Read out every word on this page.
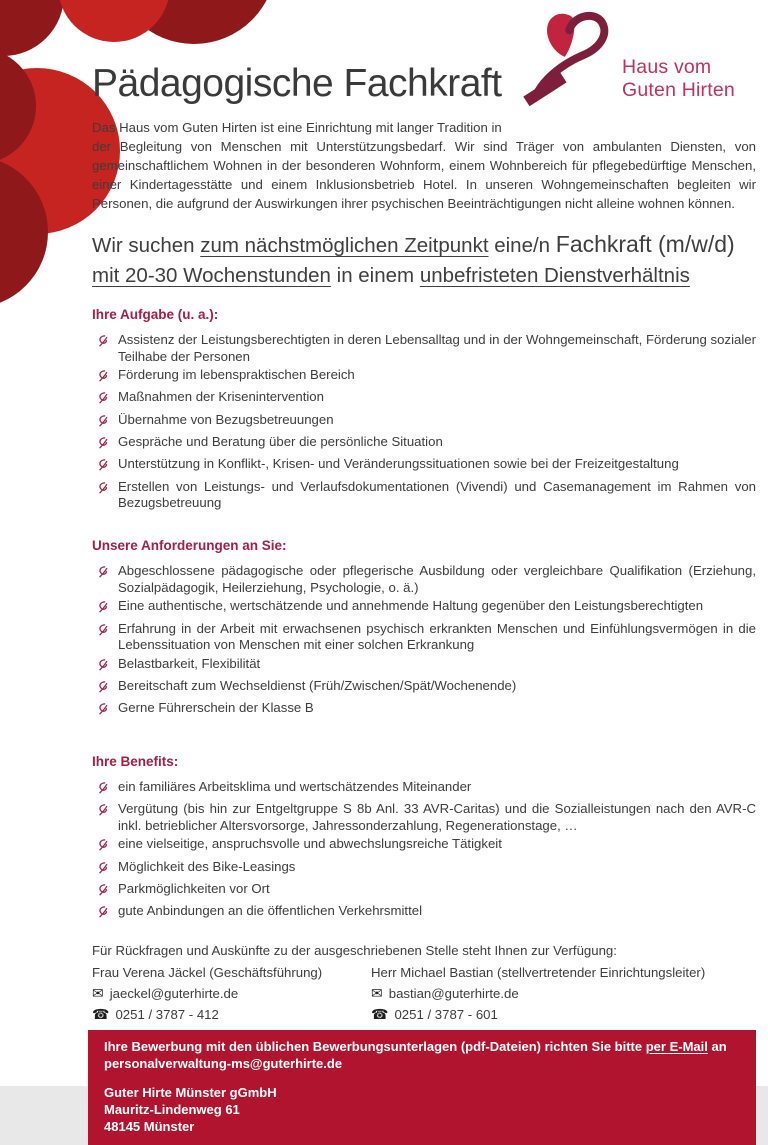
Haus vom
Guten Hirten
Pädagogische Fachkraft

Das Haus vom Guten Hirten ist eine Einrichtung mit langer Tradition in
der Begleitung von Menschen mit Unterstützungsbedarf. Wir sind Träger von ambulanten Diensten, von gemeinschaftlichem Wohnen in der besonderen Wohnform, einem Wohnbereich für pflegebedürftige Menschen, einer Kindertagesstätte und einem Inklusionsbetrieb Hotel. In unseren Wohngemeinschaften begleiten wir Personen, die aufgrund der Auswirkungen ihrer psychischen Beeinträchtigungen nicht alleine wohnen können.

Wir suchen zum nächstmöglichen Zeitpunkt eine/n Fachkraft (m/w/d)
mit 20-30 Wochenstunden in einem unbefristeten Dienstverhältnis
Ihre Aufgabe (u. a.):
Assistenz der Leistungsberechtigten in deren Lebensalltag und in der Wohngemeinschaft, Förderung sozialer Teilhabe der Personen
Förderung im lebenspraktischen Bereich
Maßnahmen der Krisenintervention
Übernahme von Bezugsbetreuungen
Gespräche und Beratung über die persönliche Situation
Unterstützung in Konflikt-, Krisen- und Veränderungssituationen sowie bei der Freizeitgestaltung
Erstellen von Leistungs- und Verlaufsdokumentationen (Vivendi) und Casemanagement im Rahmen von Bezugsbetreuung
Unsere Anforderungen an Sie:
Abgeschlossene pädagogische oder pflegerische Ausbildung oder vergleichbare Qualifikation (Erziehung, Sozialpädagogik, Heilerziehung, Psychologie, o. ä.)
Eine authentische, wertschätzende und annehmende Haltung gegenüber den Leistungsberechtigten
Erfahrung in der Arbeit mit erwachsenen psychisch erkrankten Menschen und Einfühlungsvermögen in die Lebenssituation von Menschen mit einer solchen Erkrankung
Belastbarkeit, Flexibilität
Bereitschaft zum Wechseldienst (Früh/Zwischen/Spät/Wochenende)
Gerne Führerschein der Klasse B
Ihre Benefits:
ein familiäres Arbeitsklima und wertschätzendes Miteinander
Vergütung (bis hin zur Entgeltgruppe S 8b Anl. 33 AVR-Caritas) und die Sozialleistungen nach den AVR-C inkl. betrieblicher Altersvorsorge, Jahressonderzahlung, Regenerationstage, …
eine vielseitige, anspruchsvolle und abwechslungsreiche Tätigkeit
Möglichkeit des Bike-Leasings
Parkmöglichkeiten vor Ort
gute Anbindungen an die öffentlichen Verkehrsmittel
Für Rückfragen und Auskünfte zu der ausgeschriebenen Stelle steht Ihnen zur Verfügung:
Frau Verena Jäckel (Geschäftsführung)
✉ jaeckel@guterhirte.de
☎ 0251 / 3787 - 412
Herr Michael Bastian (stellvertretender Einrichtungsleiter)
✉ bastian@guterhirte.de
☎ 0251 / 3787 - 601
Ihre Bewerbung mit den üblichen Bewerbungsunterlagen (pdf-Dateien) richten Sie bitte per E-Mail an
personalverwaltung-ms@guterhirte.de
Guter Hirte Münster gGmbH
Mauritz-Lindenweg 61
48145 Münster
